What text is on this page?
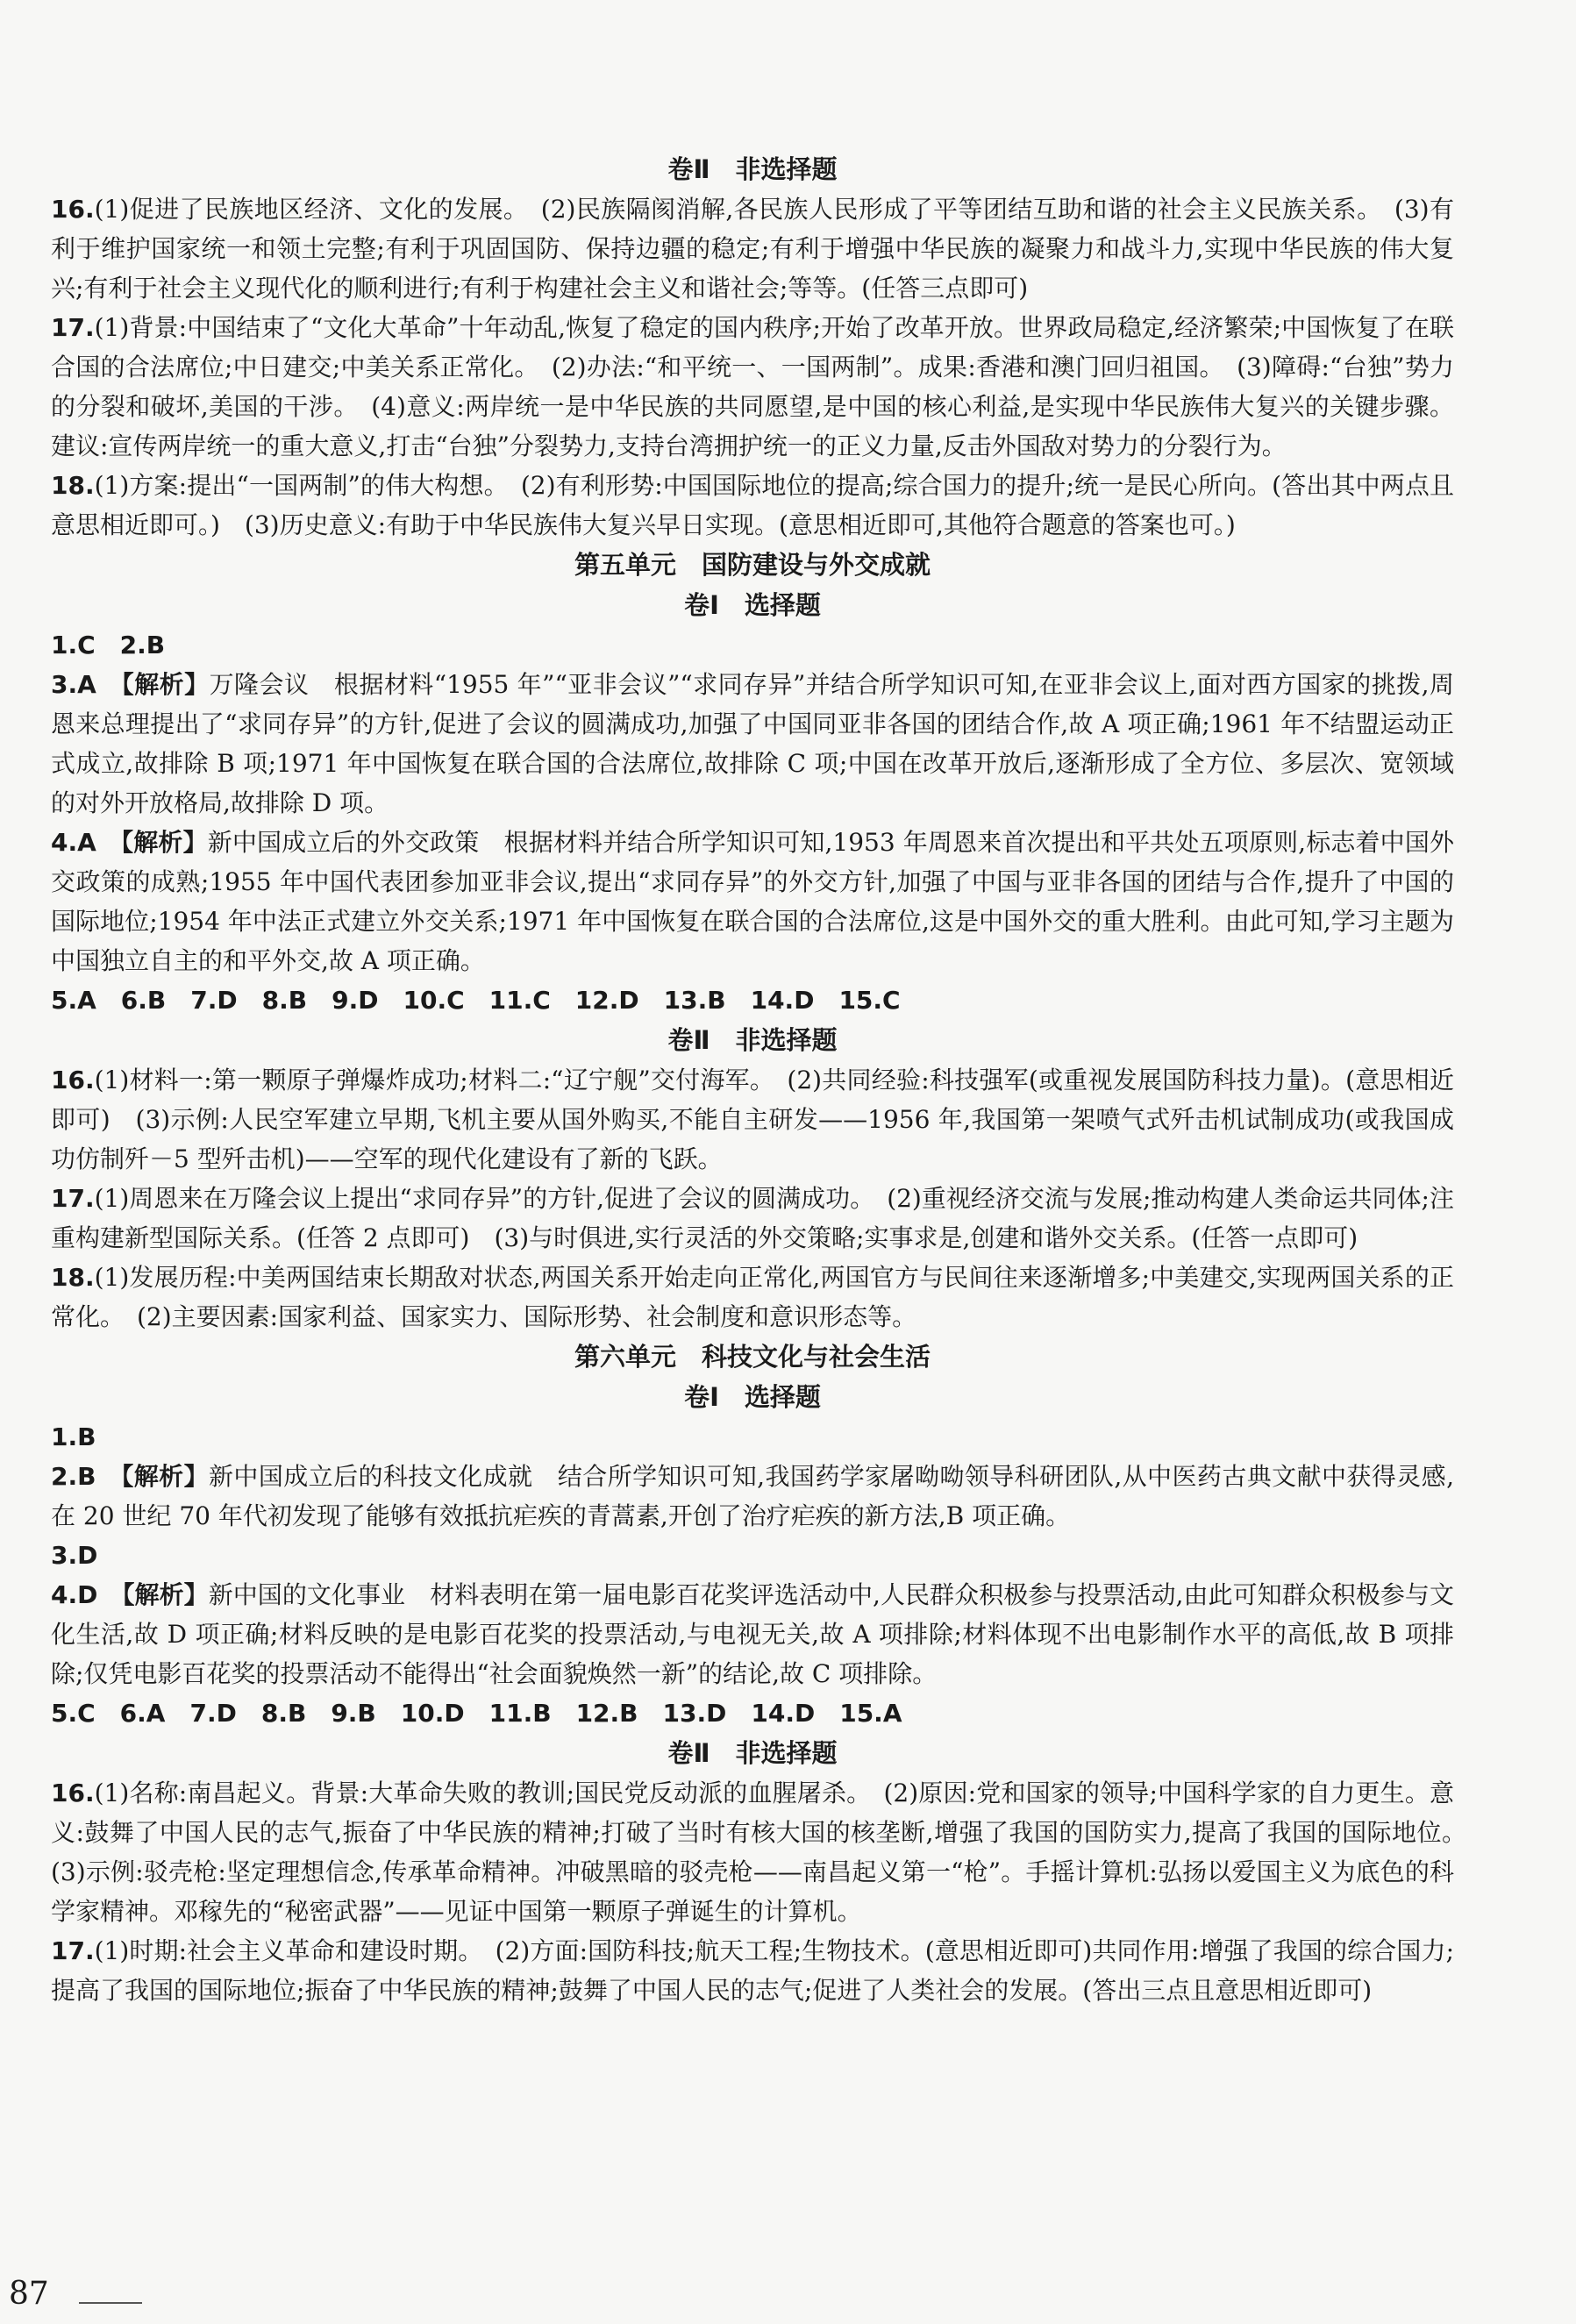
卷Ⅱ　非选择题

16.(1)促进了民族地区经济、文化的发展。　(2)民族隔阂消解,各民族人民形成了平等团结互助和谐的社会主义民族关系。　(3)有利于维护国家统一和领土完整;有利于巩固国防、保持边疆的稳定;有利于增强中华民族的凝聚力和战斗力,实现中华民族的伟大复兴;有利于社会主义现代化的顺利进行;有利于构建社会主义和谐社会;等等。(任答三点即可)

17.(1)背景:中国结束了“文化大革命”十年动乱,恢复了稳定的国内秩序;开始了改革开放。世界政局稳定,经济繁荣;中国恢复了在联合国的合法席位;中日建交;中美关系正常化。　(2)办法:“和平统一、一国两制”。成果:香港和澳门回归祖国。　(3)障碍:“台独”势力的分裂和破坏,美国的干涉。　(4)意义:两岸统一是中华民族的共同愿望,是中国的核心利益,是实现中华民族伟大复兴的关键步骤。建议:宣传两岸统一的重大意义,打击“台独”分裂势力,支持台湾拥护统一的正义力量,反击外国敌对势力的分裂行为。

18.(1)方案:提出“一国两制”的伟大构想。　(2)有利形势:中国国际地位的提高;综合国力的提升;统一是民心所向。(答出其中两点且意思相近即可。)　(3)历史意义:有助于中华民族伟大复兴早日实现。(意思相近即可,其他符合题意的答案也可。)

第五单元　国防建设与外交成就

卷Ⅰ　选择题

1.C 2.B

3.A　 【解析】万隆会议　根据材料“1955 年”“亚非会议”“求同存异”并结合所学知识可知,在亚非会议上,面对西方国家的挑拨,周恩来总理提出了“求同存异”的方针,促进了会议的圆满成功,加强了中国同亚非各国的团结合作,故 A 项正确;1961 年不结盟运动正式成立,故排除 B 项;1971 年中国恢复在联合国的合法席位,故排除 C 项;中国在改革开放后,逐渐形成了全方位、多层次、宽领域的对外开放格局,故排除 D 项。

4.A　 【解析】新中国成立后的外交政策　根据材料并结合所学知识可知,1953 年周恩来首次提出和平共处五项原则,标志着中国外交政策的成熟;1955 年中国代表团参加亚非会议,提出“求同存异”的外交方针,加强了中国与亚非各国的团结与合作,提升了中国的国际地位;1954 年中法正式建立外交关系;1971 年中国恢复在联合国的合法席位,这是中国外交的重大胜利。由此可知,学习主题为中国独立自主的和平外交,故 A 项正确。

5.A 6.B 7.D 8.B 9.D 10.C 11.C 12.D 13.B 14.D 15.C

卷Ⅱ　非选择题

16.(1)材料一:第一颗原子弹爆炸成功;材料二:“辽宁舰”交付海军。　(2)共同经验:科技强军(或重视发展国防科技力量)。(意思相近即可)　(3)示例:人民空军建立早期,飞机主要从国外购买,不能自主研发——1956 年,我国第一架喷气式歼击机试制成功(或我国成功仿制歼－5 型歼击机)——空军的现代化建设有了新的飞跃。

17.(1)周恩来在万隆会议上提出“求同存异”的方针,促进了会议的圆满成功。　(2)重视经济交流与发展;推动构建人类命运共同体;注重构建新型国际关系。(任答 2 点即可)　(3)与时俱进,实行灵活的外交策略;实事求是,创建和谐外交关系。(任答一点即可)

18.(1)发展历程:中美两国结束长期敌对状态,两国关系开始走向正常化,两国官方与民间往来逐渐增多;中美建交,实现两国关系的正常化。　(2)主要因素:国家利益、国家实力、国际形势、社会制度和意识形态等。

第六单元　科技文化与社会生活

卷Ⅰ　选择题

1.B

2.B　 【解析】新中国成立后的科技文化成就　结合所学知识可知,我国药学家屠呦呦领导科研团队,从中医药古典文献中获得灵感,在 20 世纪 70 年代初发现了能够有效抵抗疟疾的青蒿素,开创了治疗疟疾的新方法,B 项正确。

3.D

4.D　 【解析】新中国的文化事业　材料表明在第一届电影百花奖评选活动中,人民群众积极参与投票活动,由此可知群众积极参与文化生活,故 D 项正确;材料反映的是电影百花奖的投票活动,与电视无关,故 A 项排除;材料体现不出电影制作水平的高低,故 B 项排除;仅凭电影百花奖的投票活动不能得出“社会面貌焕然一新”的结论,故 C 项排除。

5.C 6.A 7.D 8.B 9.B 10.D 11.B 12.B 13.D 14.D 15.A

卷Ⅱ　非选择题

16.(1)名称:南昌起义。背景:大革命失败的教训;国民党反动派的血腥屠杀。　(2)原因:党和国家的领导;中国科学家的自力更生。意义:鼓舞了中国人民的志气,振奋了中华民族的精神;打破了当时有核大国的核垄断,增强了我国的国防实力,提高了我国的国际地位。　(3)示例:驳壳枪:坚定理想信念,传承革命精神。冲破黑暗的驳壳枪——南昌起义第一“枪”。手摇计算机:弘扬以爱国主义为底色的科学家精神。邓稼先的“秘密武器”——见证中国第一颗原子弹诞生的计算机。

17.(1)时期:社会主义革命和建设时期。　(2)方面:国防科技;航天工程;生物技术。(意思相近即可)共同作用:增强了我国的综合国力;提高了我国的国际地位;振奋了中华民族的精神;鼓舞了中国人民的志气;促进了人类社会的发展。(答出三点且意思相近即可)

87
